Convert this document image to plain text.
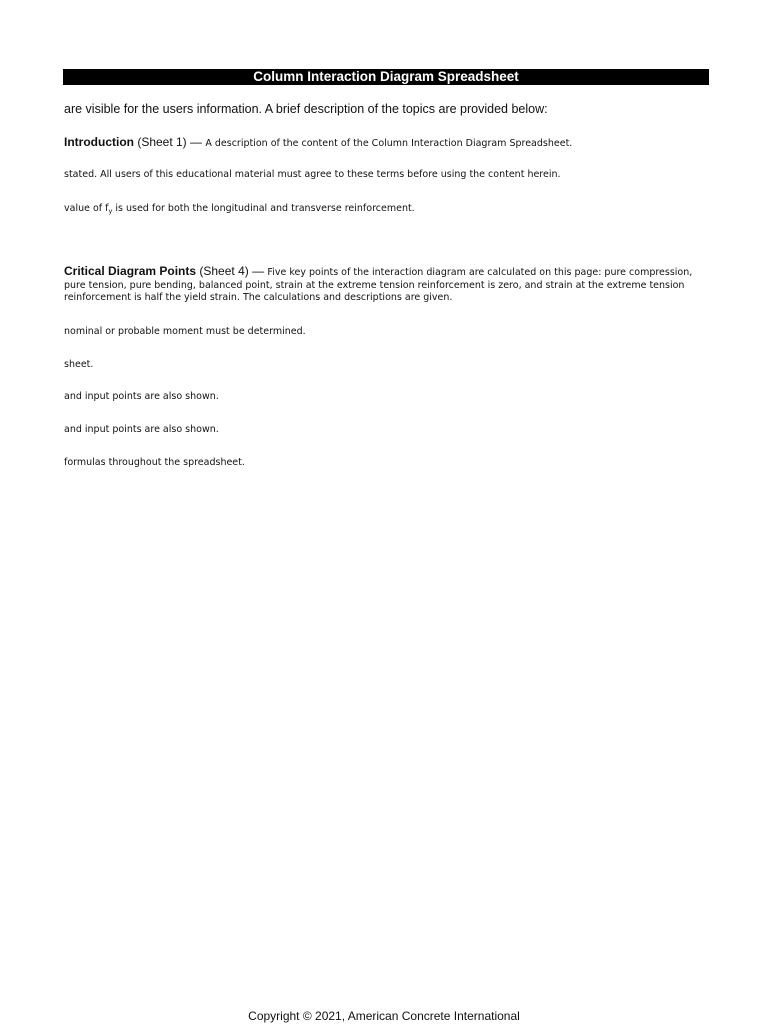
Column Interaction Diagram Spreadsheet
are visible for the users information. A brief description of the topics are provided below:
Introduction (Sheet 1) — A description of the content of the Column Interaction Diagram Spreadsheet.
stated. All users of this educational material must agree to these terms before using the content herein.
value of $f_y$ is used for both the longitudinal and transverse reinforcement.
Critical Diagram Points (Sheet 4) — Five key points of the interaction diagram are calculated on this page: pure compression, pure tension, pure bending, balanced point, strain at the extreme tension reinforcement is zero, and strain at the extreme tension reinforcement is half the yield strain. The calculations and descriptions are given.
nominal or probable moment must be determined.
sheet.
and input points are also shown.
and input points are also shown.
formulas throughout the spreadsheet.
Copyright © 2021, American Concrete International
